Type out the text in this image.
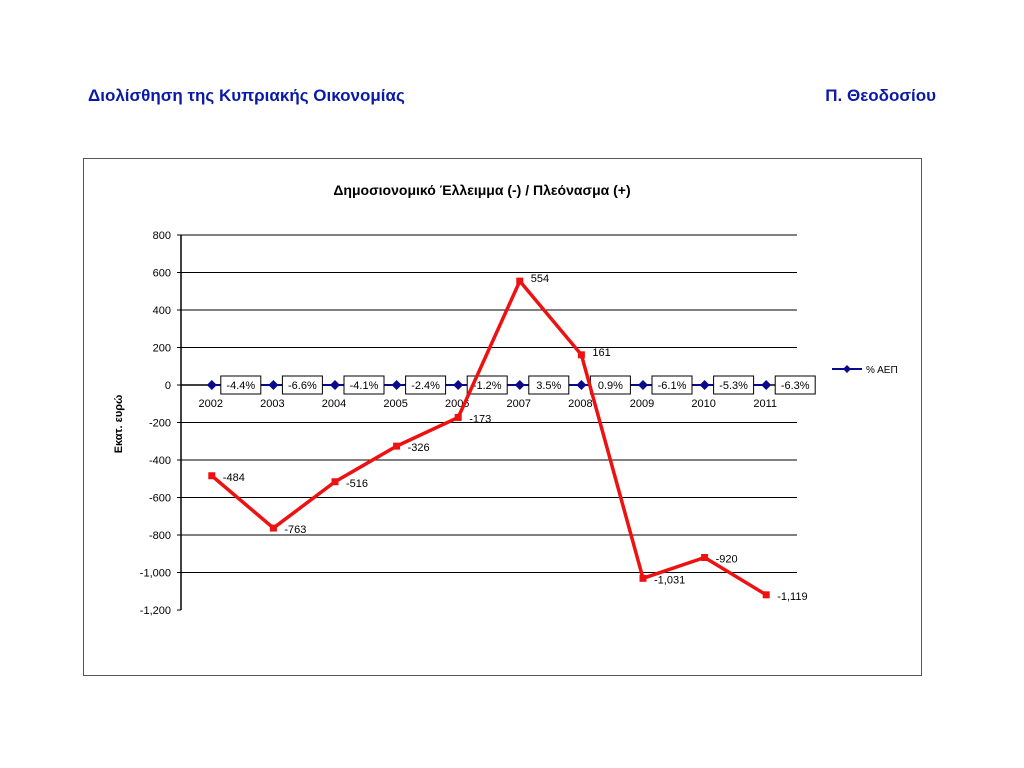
Διολίσθηση της Κυπριακής Οικονομίας	Π. Θεοδοσίου
Δημοσιονομικό Έλλειμμα (-) / Πλεόνασμα (+)
Εκατ. ευρώ
800
600
400
200
0
-200
-400
-600
-800
-1,000
-1,200
2002	2003	2004	2005	2006	2007	2008	2009	2010	2011
-4.4%	-6.6%	-4.1%	-2.4%	-1.2%	3.5%	0.9%	-6.1%	-5.3%	-6.3%
-484
-763
-516
-326
-173
554
161
-1,031
-920
-1,119
% ΑΕΠ
